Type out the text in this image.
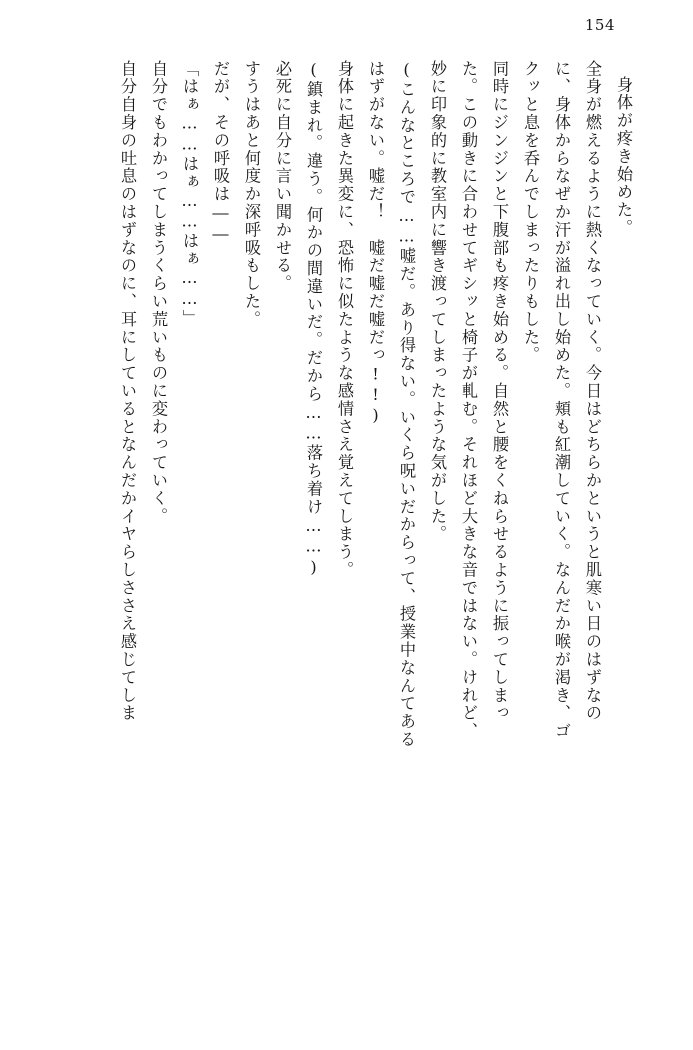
154
身体が疼き始めた。
全身が燃えるように熱くなっていく。今日はどちらかというと肌寒い日のはずなの
に、身体からなぜか汗が溢れ出し始めた。頬も紅潮していく。なんだか喉が渇き、ゴ
クッと息を呑んでしまったりもした。
同時にジンジンと下腹部も疼き始める。自然と腰をくねらせるように振ってしまっ
た。この動きに合わせてギシッと椅子が軋む。それほど大きな音ではない。けれど、
妙に印象的に教室内に響き渡ってしまったような気がした。
(こんなところで……嘘だ。あり得ない。いくら呪いだからって、授業中なんてある
はずがない。嘘だ！　嘘だ嘘だ嘘だっ!!)
身体に起きた異変に、恐怖に似たような感情さえ覚えてしまう。
(鎮まれ。違う。何かの間違いだ。だから……落ち着け……)
必死に自分に言い聞かせる。
すうはあと何度か深呼吸もした。
だが、その呼吸は――
「はぁ……はぁ……はぁ……」
自分でもわかってしまうくらい荒いものに変わっていく。
自分自身の吐息のはずなのに、耳にしているとなんだかイヤらしささえ感じてしま
